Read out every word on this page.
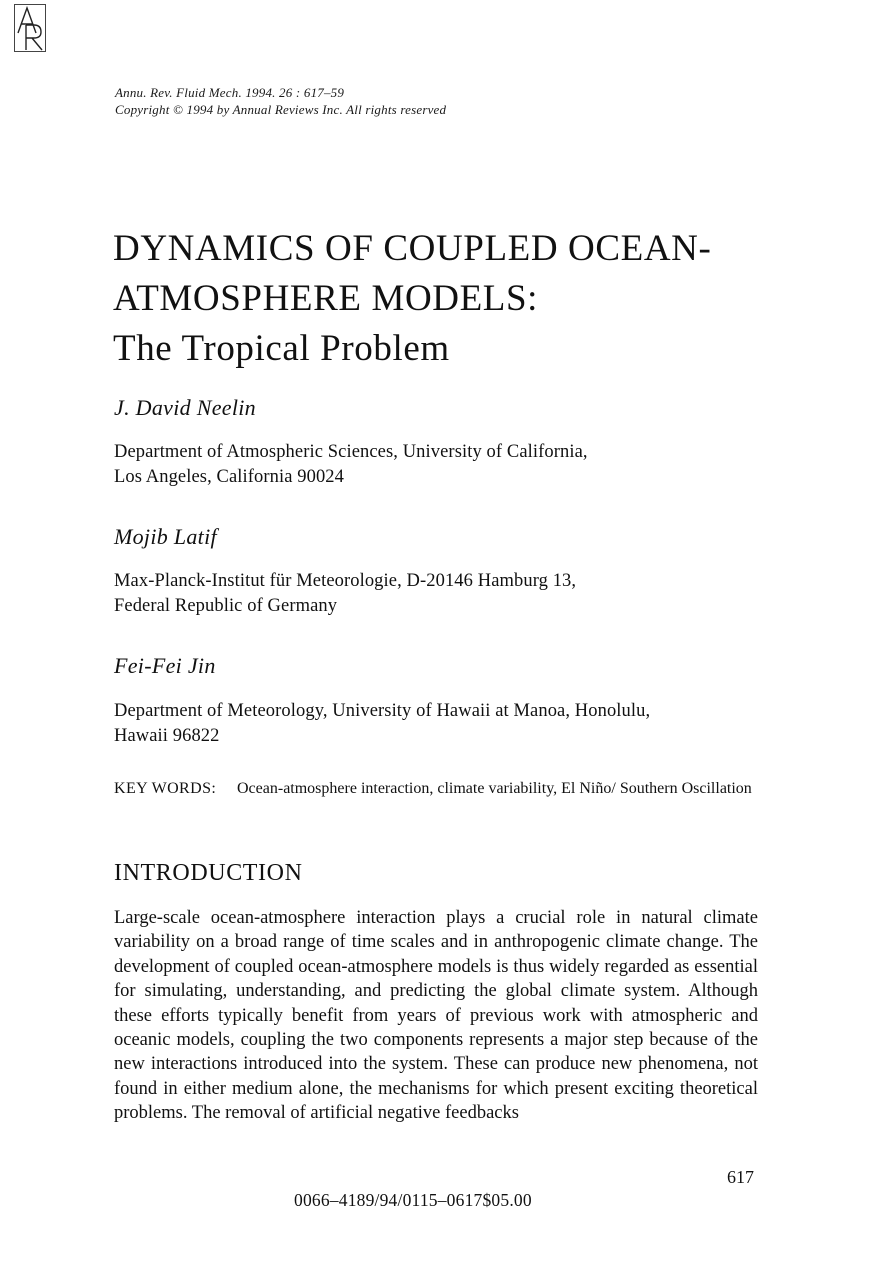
Annu. Rev. Fluid Mech. 1994. 26 : 617–59
Copyright © 1994 by Annual Reviews Inc. All rights reserved
DYNAMICS OF COUPLED OCEAN-
ATMOSPHERE MODELS:
The Tropical Problem
J. David Neelin
Department of Atmospheric Sciences, University of California,
Los Angeles, California 90024
Mojib Latif
Max-Planck-Institut für Meteorologie, D-20146 Hamburg 13,
Federal Republic of Germany
Fei-Fei Jin
Department of Meteorology, University of Hawaii at Manoa, Honolulu,
Hawaii 96822
KEY WORDS: Ocean-atmosphere interaction, climate variability, El Niño/ Southern Oscillation
INTRODUCTION

Large-scale ocean-atmosphere interaction plays a crucial role in natural climate variability on a broad range of time scales and in anthropogenic climate change. The development of coupled ocean-atmosphere models is thus widely regarded as essential for simulating, understanding, and predicting the global climate system. Although these efforts typically benefit from years of previous work with atmospheric and oceanic models, coupling the two components represents a major step because of the new interactions introduced into the system. These can produce new phenomena, not found in either medium alone, the mechanisms for which present exciting theoretical problems. The removal of artificial negative feedbacks

617
0066–4189/94/0115–0617$05.00
